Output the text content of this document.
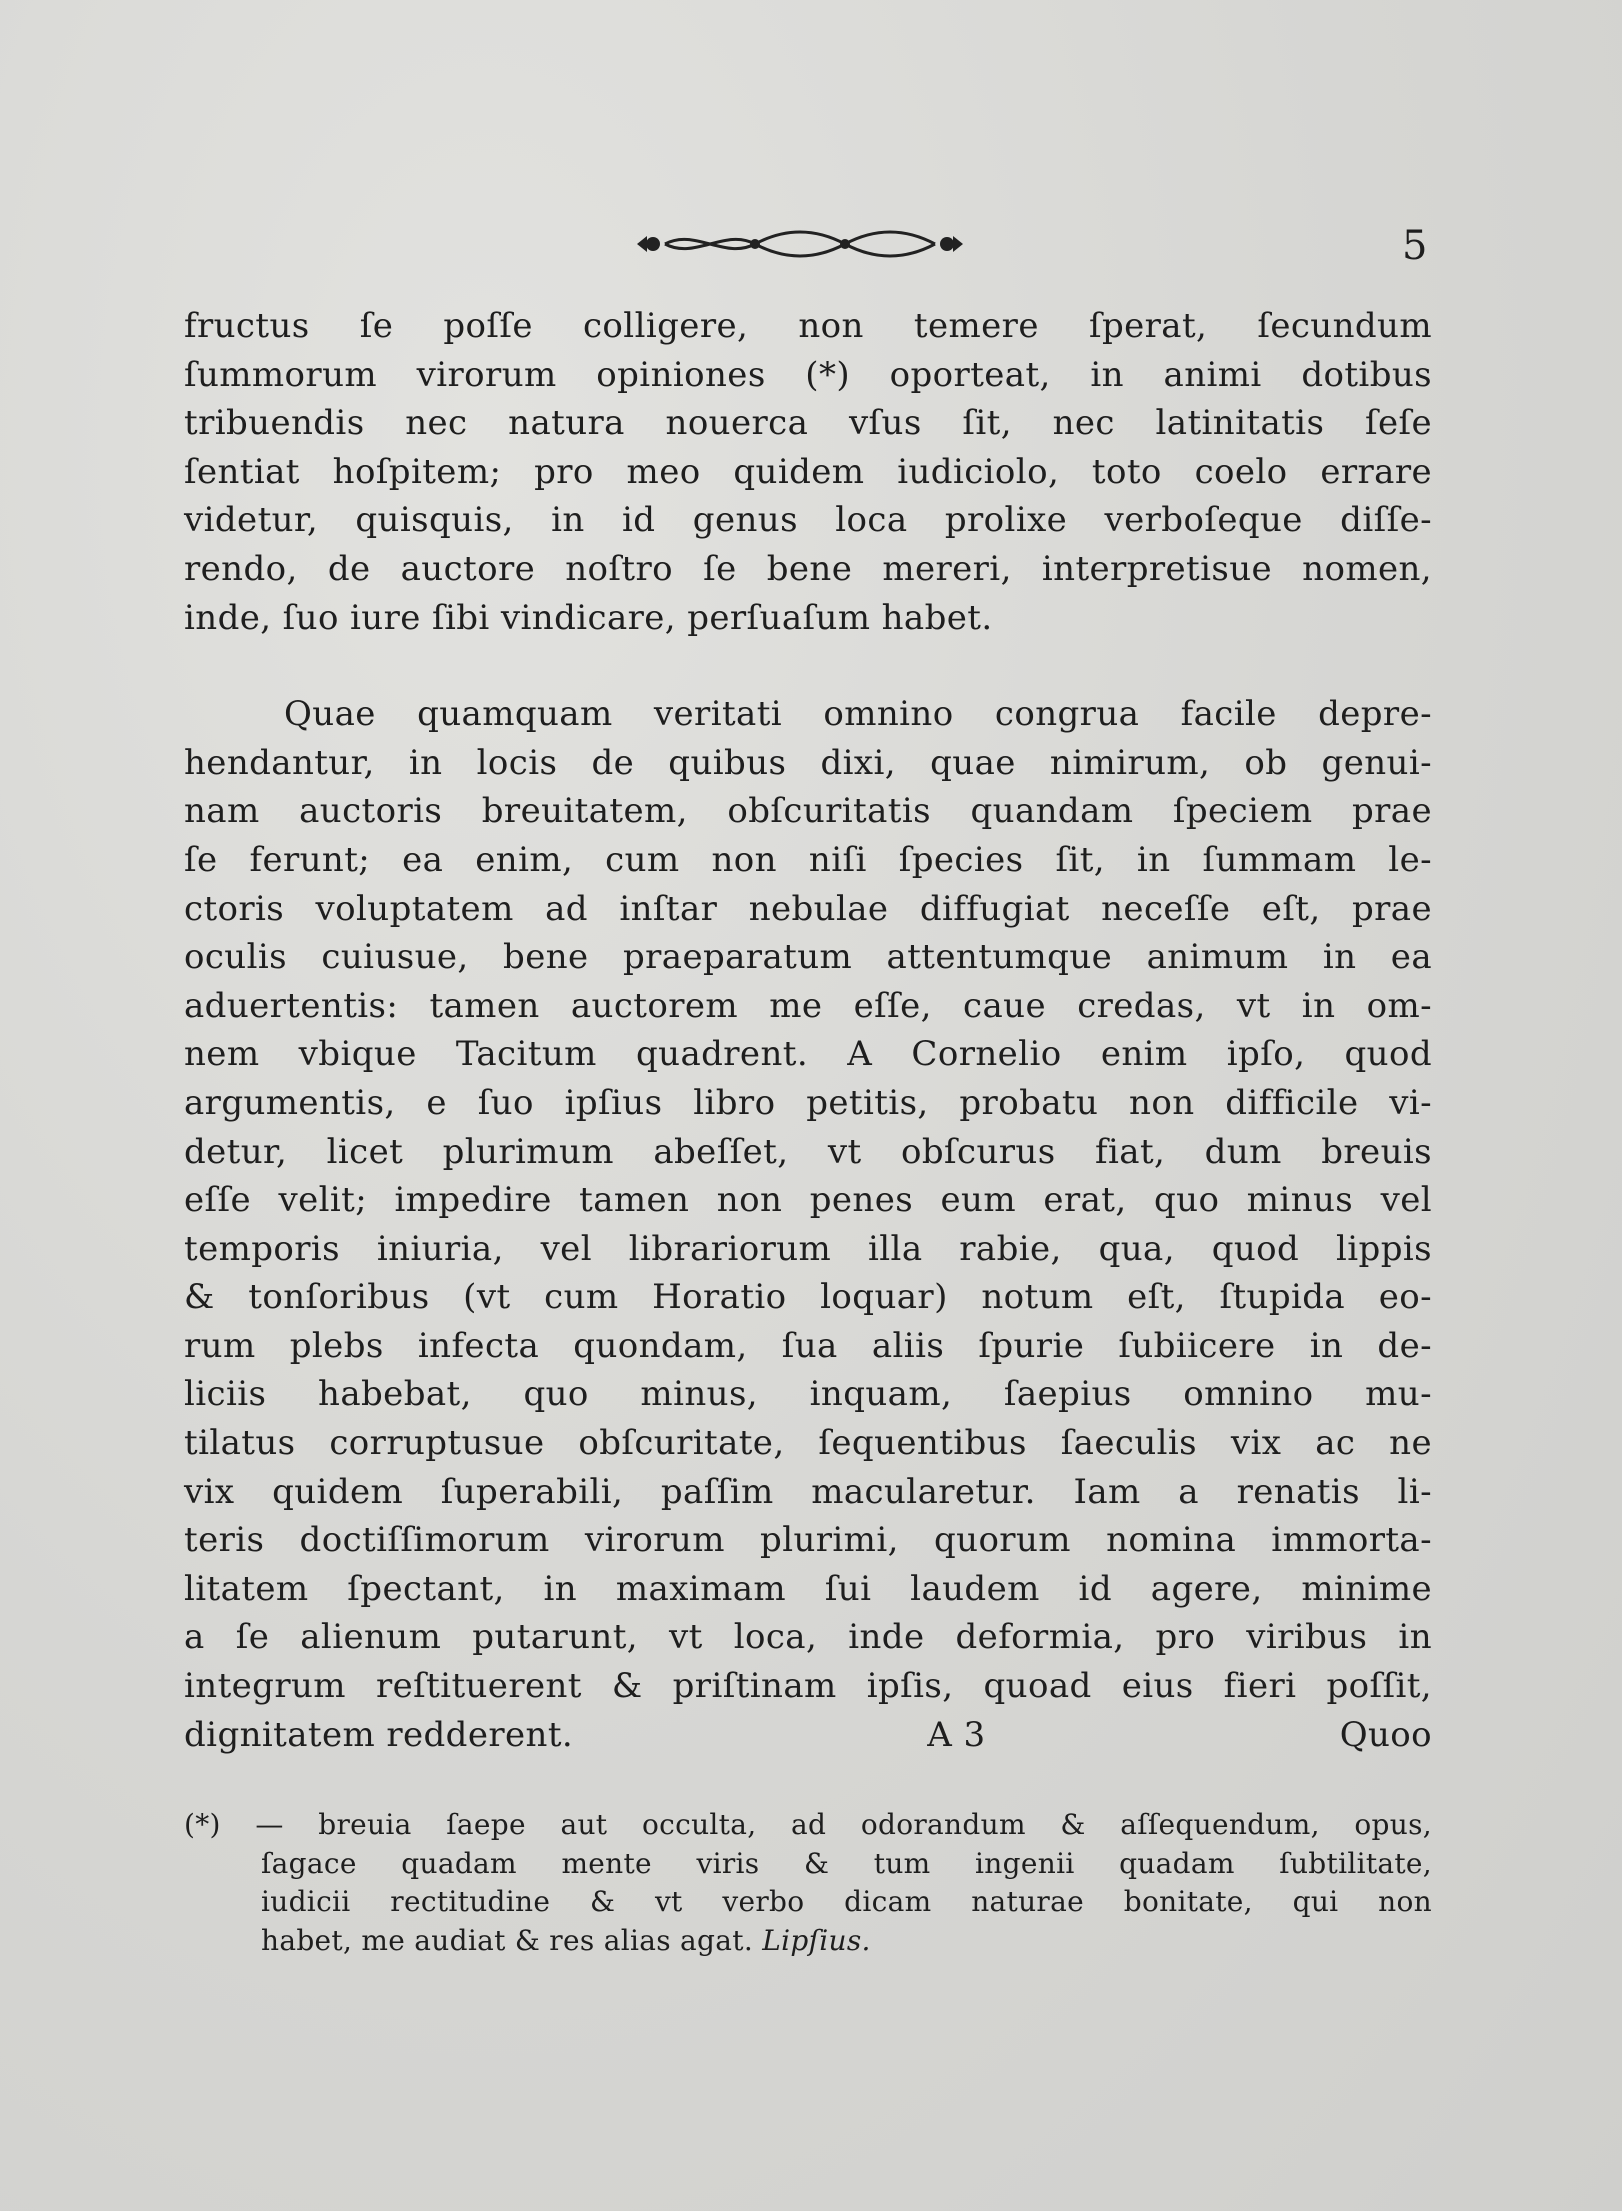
5
fructus ſe poſſe colligere, non temere ſperat, ſecundum
ſummorum virorum opiniones (*) oporteat, in animi dotibus
tribuendis nec natura nouerca vſus ſit, nec latinitatis ſeſe
ſentiat hoſpitem; pro meo quidem iudiciolo, toto coelo errare
videtur, quisquis, in id genus loca prolixe verboſeque diſſe-
rendo, de auctore noſtro ſe bene mereri, interpretisue nomen,
inde, ſuo iure ſibi vindicare, perſuaſum habet.
Quae quamquam veritati omnino congrua facile depre-
hendantur, in locis de quibus dixi, quae nimirum, ob genui-
nam auctoris breuitatem, obſcuritatis quandam ſpeciem prae
ſe ferunt; ea enim, cum non niſi ſpecies ſit, in ſummam le-
ctoris voluptatem ad inſtar nebulae diffugiat neceſſe eſt, prae
oculis cuiusue, bene praeparatum attentumque animum in ea
aduertentis: tamen auctorem me eſſe, caue credas, vt in om-
nem vbique Tacitum quadrent. A Cornelio enim ipſo, quod
argumentis, e ſuo ipſius libro petitis, probatu non difficile vi-
detur, licet plurimum abeſſet, vt obſcurus fiat, dum breuis
eſſe velit; impedire tamen non penes eum erat, quo minus vel
temporis iniuria, vel librariorum illa rabie, qua, quod lippis
& tonſoribus (vt cum Horatio loquar) notum eſt, ſtupida eo-
rum plebs infecta quondam, ſua aliis ſpurie ſubiicere in de-
liciis habebat, quo minus, inquam, ſaepius omnino mu-
tilatus corruptusue obſcuritate, ſequentibus ſaeculis vix ac ne
vix quidem ſuperabili, paſſim macularetur. Iam a renatis li-
teris doctiſſimorum virorum plurimi, quorum nomina immorta-
litatem ſpectant, in maximam ſui laudem id agere, minime
a ſe alienum putarunt, vt loca, inde deformia, pro viribus in
integrum reſtituerent & priſtinam ipſis, quoad eius fieri poſſit,
dignitatem redderent.	A 3	Quoo
(*) — breuia ſaepe aut occulta, ad odorandum & aſſequendum, opus,
ſagace quadam mente viris & tum ingenii quadam ſubtilitate,
iudicii rectitudine & vt verbo dicam naturae bonitate, qui non
habet, me audiat & res alias agat. Lipſius.
